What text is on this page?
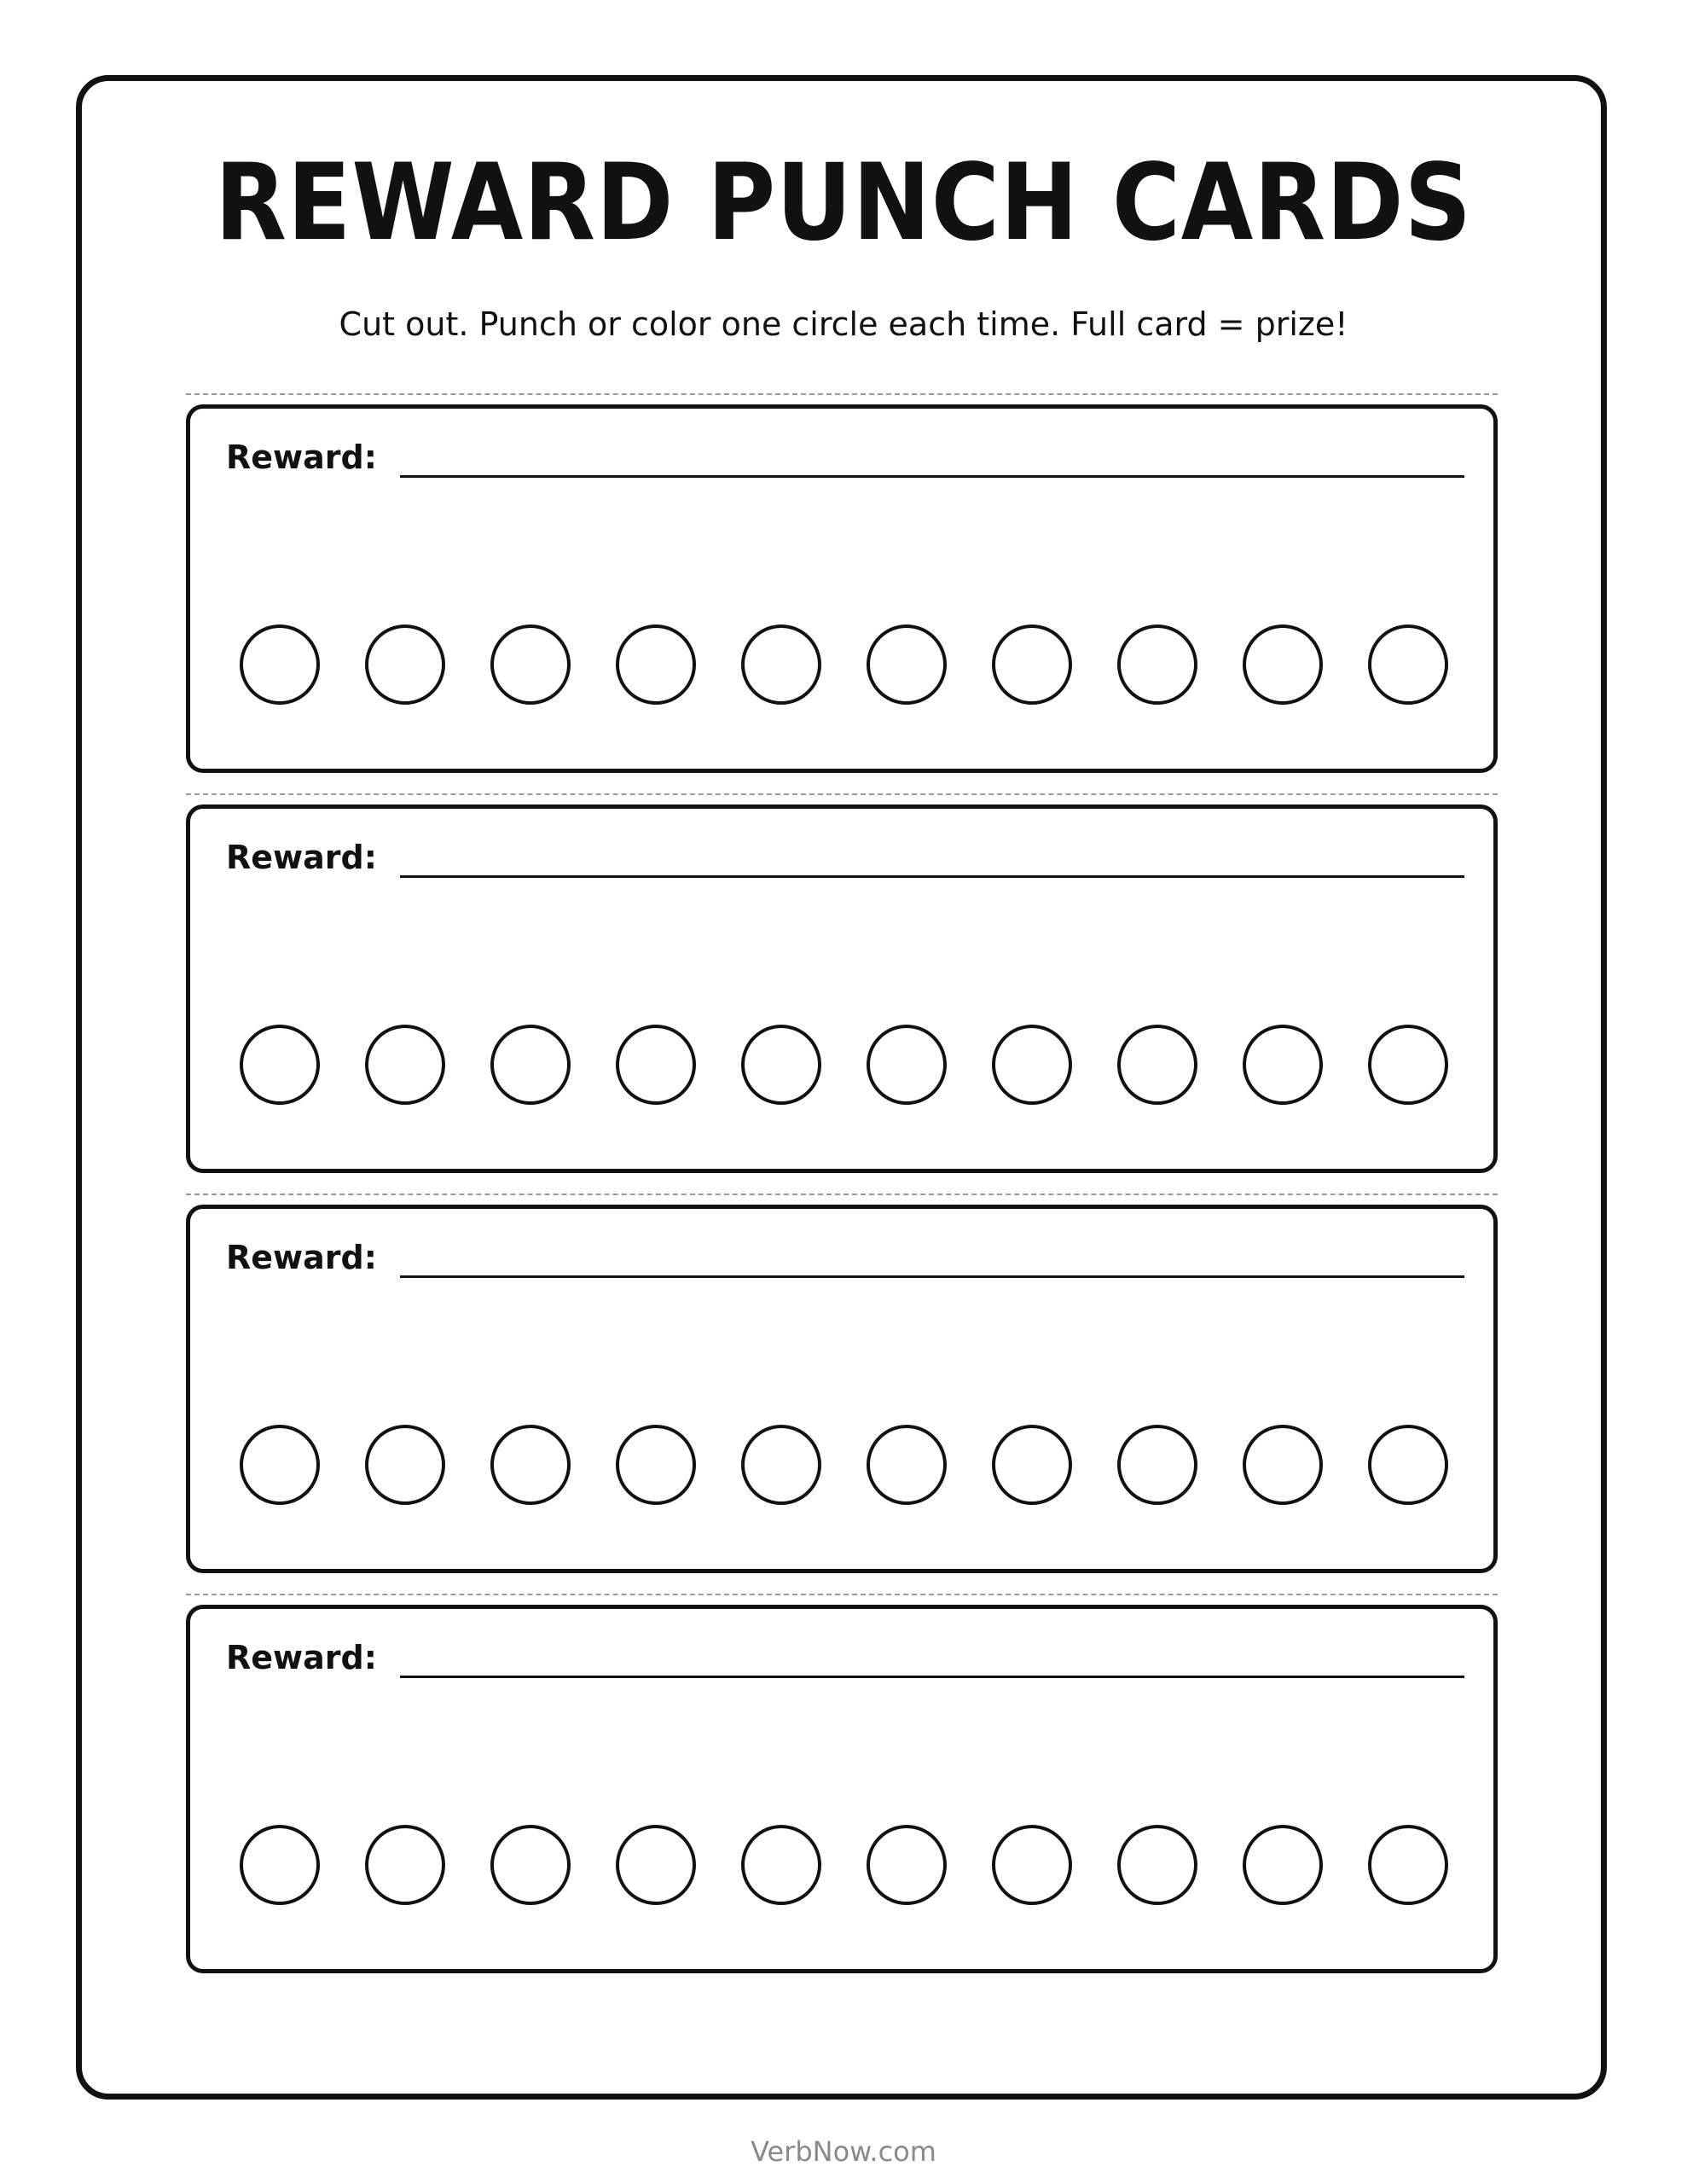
REWARD PUNCH CARDS
Cut out. Punch or color one circle each time. Full card = prize!
Reward:
Reward:
Reward:
Reward:
VerbNow.com
